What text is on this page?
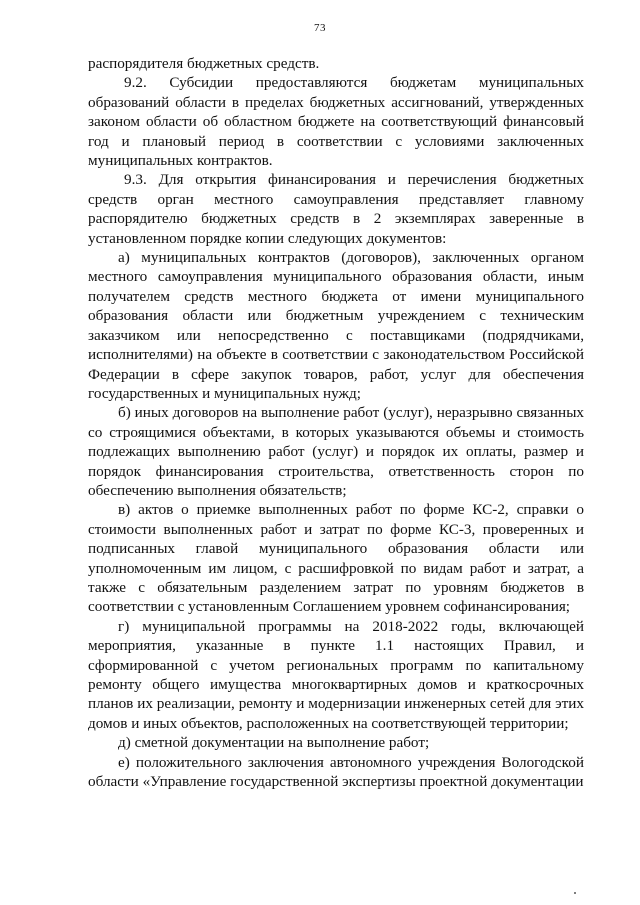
73

распорядителя бюджетных средств.

9.2. Субсидии предоставляются бюджетам муниципальных образований области в пределах бюджетных ассигнований, утвержденных законом области об областном бюджете на соответствующий финансовый год и плановый период в соответствии с условиями заключенных муниципальных контрактов.

9.3. Для открытия финансирования и перечисления бюджетных средств орган местного самоуправления представляет главному распорядителю бюджетных средств в 2 экземплярах заверенные в установленном порядке копии следующих документов:

а) муниципальных контрактов (договоров), заключенных органом местного самоуправления муниципального образования области, иным получателем средств местного бюджета от имени муниципального образования области или бюджетным учреждением с техническим заказчиком или непосредственно с поставщиками (подрядчиками, исполнителями) на объекте в соответствии с законодательством Российской Федерации в сфере закупок товаров, работ, услуг для обеспечения государственных и муниципальных нужд;

б) иных договоров на выполнение работ (услуг), неразрывно связанных со строящимися объектами, в которых указываются объемы и стоимость подлежащих выполнению работ (услуг) и порядок их оплаты, размер и порядок финансирования строительства, ответственность сторон по обеспечению выполнения обязательств;

в) актов о приемке выполненных работ по форме КС-2, справки о стоимости выполненных работ и затрат по форме КС-3, проверенных и подписанных главой муниципального образования области или уполномоченным им лицом, с расшифровкой по видам работ и затрат, а также с обязательным разделением затрат по уровням бюджетов в соответствии с установленным Соглашением уровнем софинансирования;

г) муниципальной программы на 2018-2022 годы, включающей мероприятия, указанные в пункте 1.1 настоящих Правил, и сформированной с учетом региональных программ по капитальному ремонту общего имущества многоквартирных домов и краткосрочных планов их реализации, ремонту и модернизации инженерных сетей для этих домов и иных объектов, расположенных на соответствующей территории;

д) сметной документации на выполнение работ;

е) положительного заключения автономного учреждения Вологодской области «Управление государственной экспертизы проектной документации
